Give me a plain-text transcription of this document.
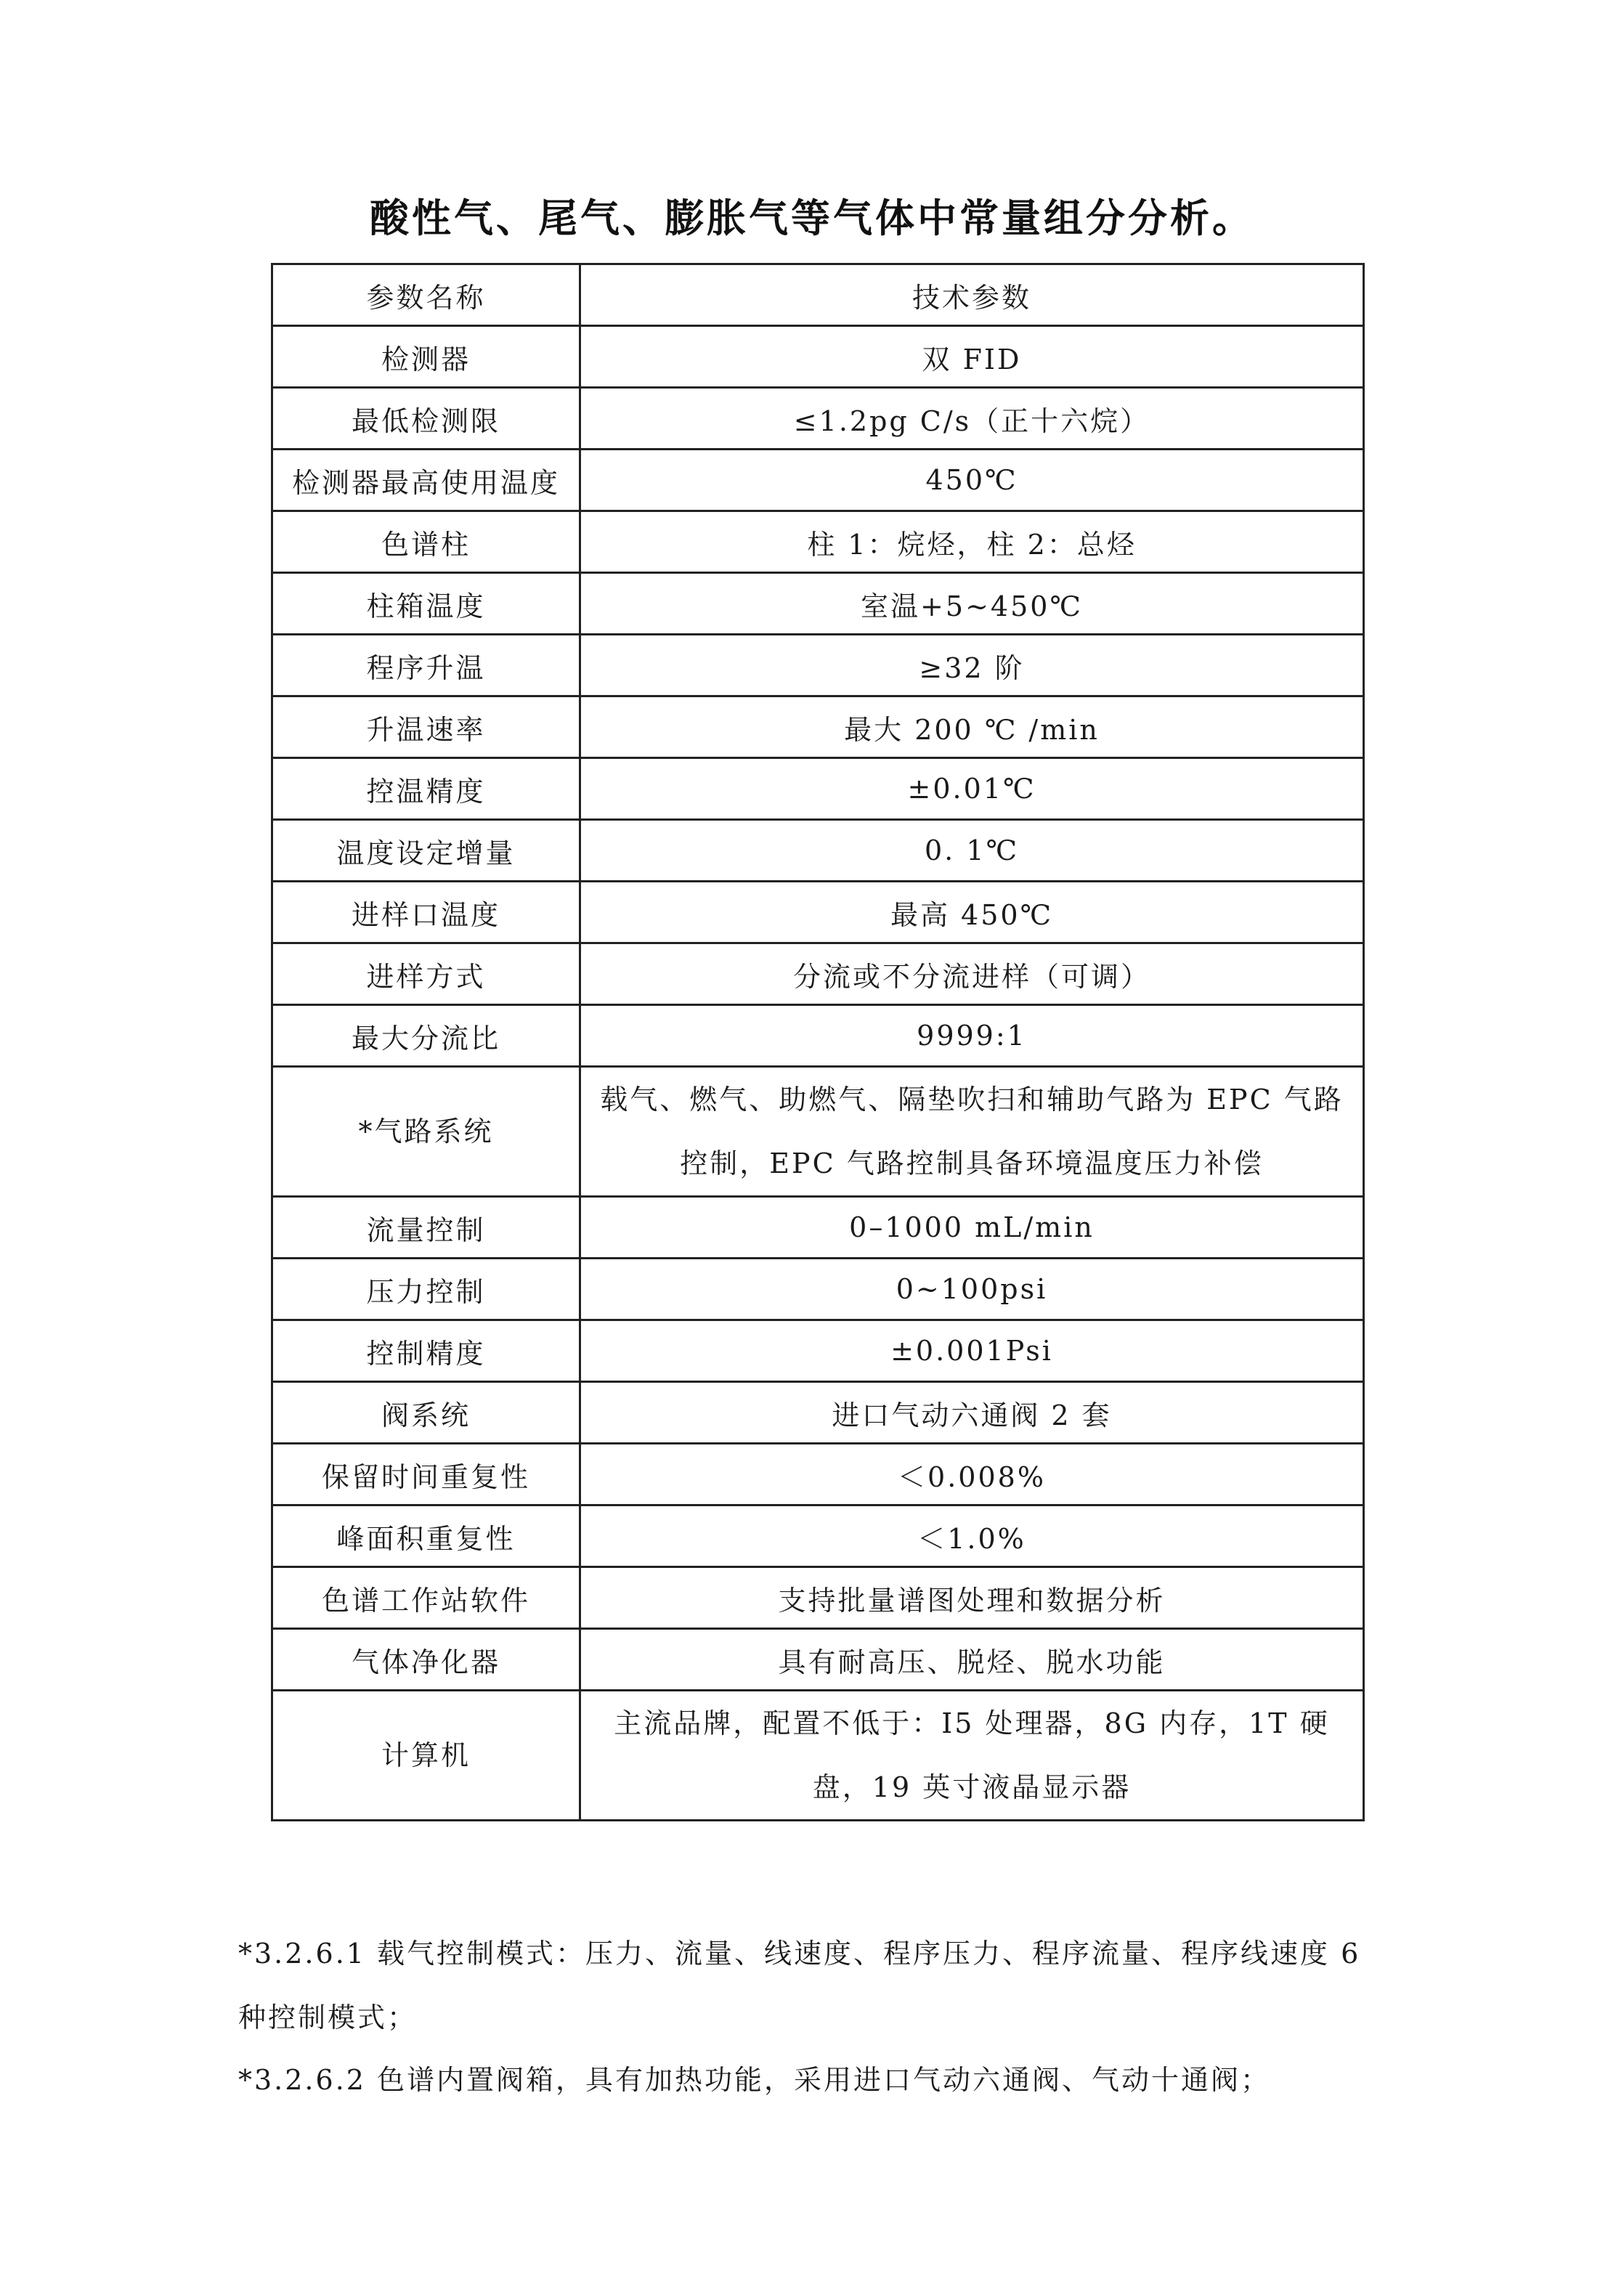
酸性气、尾气、膨胀气等气体中常量组分分析。
参数名称	技术参数
检测器	双 FID
最低检测限	≤1.2pg C/s（正十六烷）
检测器最高使用温度	450℃
色谱柱	柱 1：烷烃，柱 2：总烃
柱箱温度	室温+5~450℃
程序升温	≥32 阶
升温速率	最大 200 ℃ /min
控温精度	±0.01℃
温度设定增量	0. 1℃
进样口温度	最高 450℃
进样方式	分流或不分流进样（可调）
最大分流比	9999:1
*气路系统	载气、燃气、助燃气、隔垫吹扫和辅助气路为 EPC 气路控制，EPC 气路控制具备环境温度压力补偿
流量控制	0–1000 mL/min
压力控制	0~100psi
控制精度	±0.001Psi
阀系统	进口气动六通阀 2 套
保留时间重复性	＜0.008%
峰面积重复性	＜1.0%
色谱工作站软件	支持批量谱图处理和数据分析
气体净化器	具有耐高压、脱烃、脱水功能
计算机	主流品牌，配置不低于：I5 处理器，8G 内存，1T 硬盘，19 英寸液晶显示器
*3.2.6.1 载气控制模式：压力、流量、线速度、程序压力、程序流量、程序线速度 6 种控制模式；
*3.2.6.2 色谱内置阀箱，具有加热功能，采用进口气动六通阀、气动十通阀；
